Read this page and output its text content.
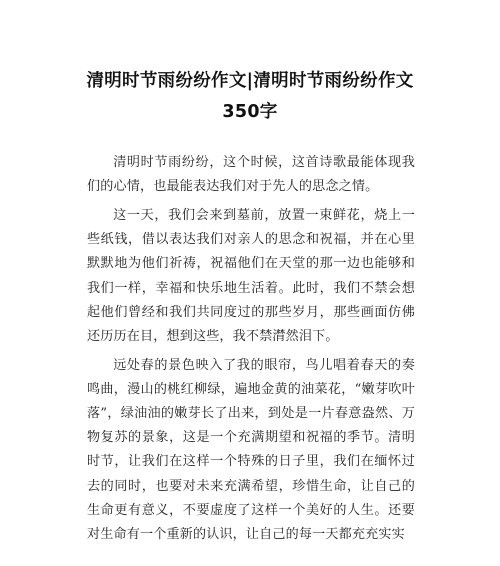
清明时节雨纷纷作文|清明时节雨纷纷作文350字

清明时节雨纷纷，这个时候，这首诗歌最能体现我们的心情，也最能表达我们对于先人的思念之情。

这一天，我们会来到墓前，放置一束鲜花，烧上一些纸钱，借以表达我们对亲人的思念和祝福，并在心里默默地为他们祈祷，祝福他们在天堂的那一边也能够和我们一样，幸福和快乐地生活着。此时，我们不禁会想起他们曾经和我们共同度过的那些岁月，那些画面仿佛还历历在目，想到这些，我不禁潸然泪下。

远处春的景色映入了我的眼帘，鸟儿唱着春天的奏鸣曲，漫山的桃红柳绿，遍地金黄的油菜花，“嫩芽吹叶落”，绿油油的嫩芽长了出来，到处是一片春意盎然、万物复苏的景象，这是一个充满期望和祝福的季节。清明时节，让我们在这样一个特殊的日子里，我们在缅怀过去的同时，也要对未来充满希望，珍惜生命，让自己的生命更有意义，不要虚度了这样一个美好的人生。还要对生命有一个重新的认识，让自己的每一天都充充实实
